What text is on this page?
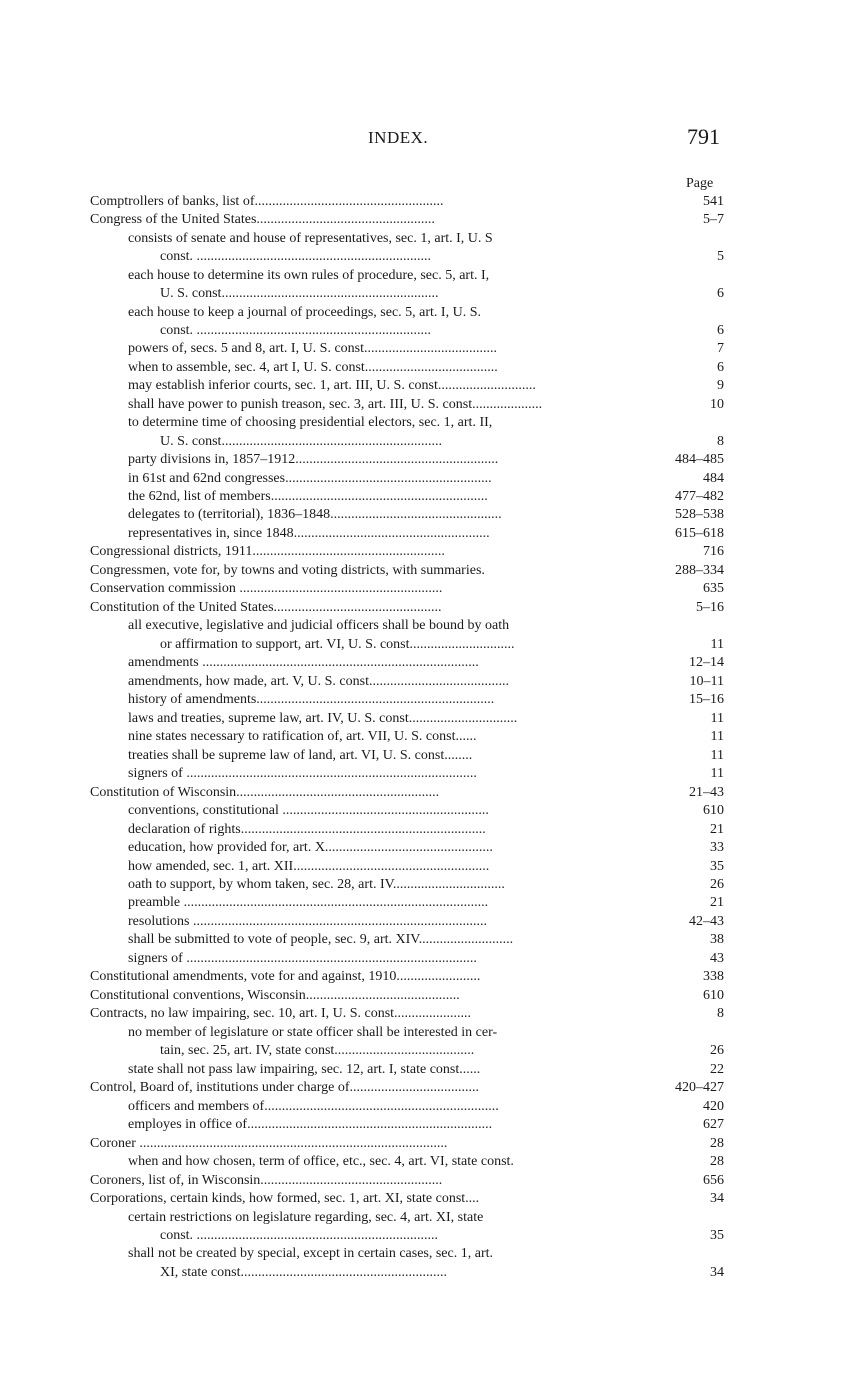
INDEX.	791
Page
Comptrollers of banks, list of......................................................	541
Congress of the United States...................................................	5–7
consists of senate and house of representatives, sec. 1, art. I, U. S
const. ...................................................................	5
each house to determine its own rules of procedure, sec. 5, art. I,
U. S. const..............................................................	6
each house to keep a journal of proceedings, sec. 5, art. I, U. S.
const. ...................................................................	6
powers of, secs. 5 and 8, art. I, U. S. const......................................	7
when to assemble, sec. 4, art I, U. S. const......................................	6
may establish inferior courts, sec. 1, art. III, U. S. const............................	9
shall have power to punish treason, sec. 3, art. III, U. S. const....................	10
to determine time of choosing presidential electors, sec. 1, art. II,
U. S. const...............................................................	8
party divisions in, 1857–1912..........................................................	484–485
in 61st and 62nd congresses...........................................................	484
the 62nd, list of members..............................................................	477–482
delegates to (territorial), 1836–1848.................................................	528–538
representatives in, since 1848........................................................	615–618
Congressional districts, 1911.......................................................	716
Congressmen, vote for, by towns and voting districts, with summaries.	288–334
Conservation commission ..........................................................	635
Constitution of the United States................................................	5–16
all executive, legislative and judicial officers shall be bound by oath
or affirmation to support, art. VI, U. S. const..............................	11
amendments ...............................................................................	12–14
amendments, how made, art. V, U. S. const........................................	10–11
history of amendments....................................................................	15–16
laws and treaties, supreme law, art. IV, U. S. const...............................	11
nine states necessary to ratification of, art. VII, U. S. const......	11
treaties shall be supreme law of land, art. VI, U. S. const........	11
signers of ...................................................................................	11
Constitution of Wisconsin..........................................................	21–43
conventions, constitutional ...........................................................	610
declaration of rights......................................................................	21
education, how provided for, art. X................................................	33
how amended, sec. 1, art. XII........................................................	35
oath to support, by whom taken, sec. 28, art. IV................................	26
preamble .......................................................................................	21
resolutions ....................................................................................	42–43
shall be submitted to vote of people, sec. 9, art. XIV...........................	38
signers of ...................................................................................	43
Constitutional amendments, vote for and against, 1910........................	338
Constitutional conventions, Wisconsin............................................	610
Contracts, no law impairing, sec. 10, art. I, U. S. const......................	8
no member of legislature or state officer shall be interested in cer-
tain, sec. 25, art. IV, state const........................................	26
state shall not pass law impairing, sec. 12, art. I, state const......	22
Control, Board of, institutions under charge of.....................................	420–427
officers and members of...................................................................	420
employes in office of......................................................................	627
Coroner ........................................................................................	28
when and how chosen, term of office, etc., sec. 4, art. VI, state const.	28
Coroners, list of, in Wisconsin....................................................	656
Corporations, certain kinds, how formed, sec. 1, art. XI, state const....	34
certain restrictions on legislature regarding, sec. 4, art. XI, state
const. .....................................................................	35
shall not be created by special, except in certain cases, sec. 1, art.
XI, state const...........................................................	34
